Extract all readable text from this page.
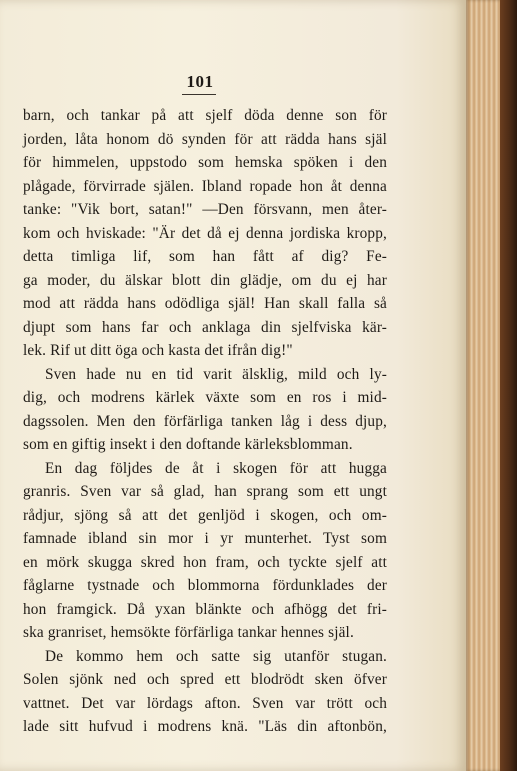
101
barn, och tankar på att sjelf döda denne son för
jorden, låta honom dö synden för att rädda hans själ
för himmelen, uppstodo som hemska spöken i den
plågade, förvirrade själen. Ibland ropade hon åt denna
tanke: "Vik bort, satan!" —Den försvann, men åter-
kom och hviskade: "Är det då ej denna jordiska kropp,
detta timliga lif, som han fått af dig? Fe-
ga moder, du älskar blott din glädje, om du ej har
mod att rädda hans odödliga själ! Han skall falla så
djupt som hans far och anklaga din sjelfviska kär-
lek. Rif ut ditt öga och kasta det ifrån dig!"
Sven hade nu en tid varit älsklig, mild och ly-
dig, och modrens kärlek växte som en ros i mid-
dagssolen. Men den förfärliga tanken låg i dess djup,
som en giftig insekt i den doftande kärleksblomman.
En dag följdes de åt i skogen för att hugga
granris. Sven var så glad, han sprang som ett ungt
rådjur, sjöng så att det genljöd i skogen, och om-
famnade ibland sin mor i yr munterhet. Tyst som
en mörk skugga skred hon fram, och tyckte sjelf att
fåglarne tystnade och blommorna fördunklades der
hon framgick. Då yxan blänkte och afhögg det fri-
ska granriset, hemsökte förfärliga tankar hennes själ.
De kommo hem och satte sig utanför stugan.
Solen sjönk ned och spred ett blodrödt sken öfver
vattnet. Det var lördags afton. Sven var trött och
lade sitt hufvud i modrens knä. "Läs din aftonbön,
